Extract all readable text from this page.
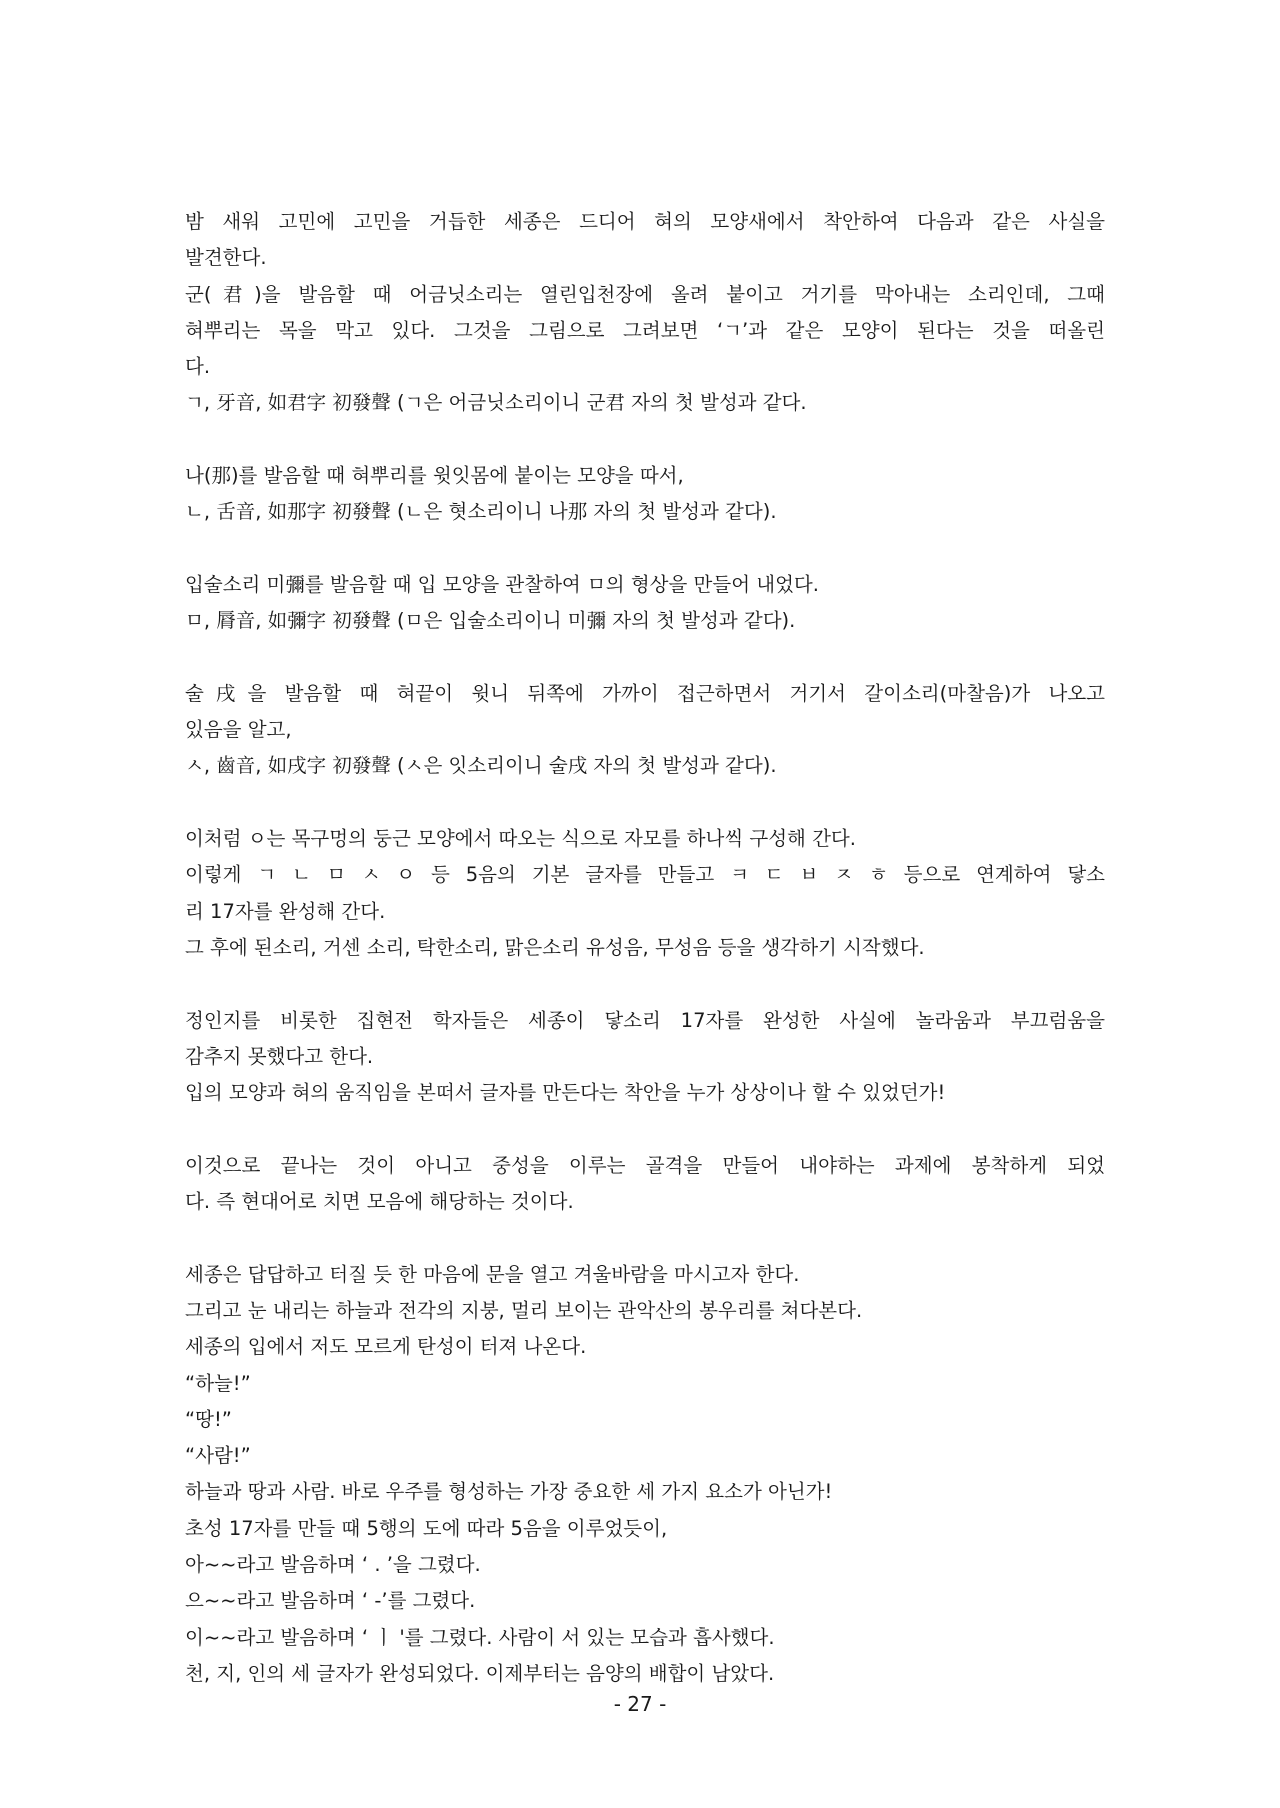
밤 새워 고민에 고민을 거듭한 세종은 드디어 혀의 모양새에서 착안하여 다음과 같은 사실을
발견한다.
군(君)을 발음할 때 어금닛소리는 열린입천장에 올려 붙이고 거기를 막아내는 소리인데, 그때
혀뿌리는 목을 막고 있다. 그것을 그림으로 그려보면 ‘ㄱ’과 같은 모양이 된다는 것을 떠올린
다.
ㄱ, 牙音, 如君字 初發聲 (ㄱ은 어금닛소리이니 군君 자의 첫 발성과 같다.
나(那)를 발음할 때 혀뿌리를 윗잇몸에 붙이는 모양을 따서,
ㄴ, 舌音, 如那字 初發聲 (ㄴ은 혓소리이니 나那 자의 첫 발성과 같다).
입술소리 미彌를 발음할 때 입 모양을 관찰하여 ㅁ의 형상을 만들어 내었다.
ㅁ, 脣音, 如彌字 初發聲 (ㅁ은 입술소리이니 미彌 자의 첫 발성과 같다).
술戌을 발음할 때 혀끝이 윗니 뒤쪽에 가까이 접근하면서 거기서 갈이소리(마찰음)가 나오고
있음을 알고,
ㅅ, 齒音, 如戌字 初發聲 (ㅅ은 잇소리이니 술戌 자의 첫 발성과 같다).
이처럼 ㅇ는 목구멍의 둥근 모양에서 따오는 식으로 자모를 하나씩 구성해 간다.
이렇게 ㄱ ㄴ ㅁ ㅅ ㅇ 등 5음의 기본 글자를 만들고 ㅋ ㄷ ㅂ ㅈ ㅎ 등으로 연계하여 닿소
리 17자를 완성해 간다.
그 후에 된소리, 거센 소리, 탁한소리, 맑은소리 유성음, 무성음 등을 생각하기 시작했다.
정인지를 비롯한 집현전 학자들은 세종이 닿소리 17자를 완성한 사실에 놀라움과 부끄럼움을
감추지 못했다고 한다.
입의 모양과 혀의 움직임을 본떠서 글자를 만든다는 착안을 누가 상상이나 할 수 있었던가!
이것으로 끝나는 것이 아니고 중성을 이루는 골격을 만들어 내야하는 과제에 봉착하게 되었
다. 즉 현대어로 치면 모음에 해당하는 것이다.
세종은 답답하고 터질 듯 한 마음에 문을 열고 겨울바람을 마시고자 한다.
그리고 눈 내리는 하늘과 전각의 지붕, 멀리 보이는 관악산의 봉우리를 쳐다본다.
세종의 입에서 저도 모르게 탄성이 터져 나온다.
“하늘!”
“땅!”
“사람!”
하늘과 땅과 사람. 바로 우주를 형성하는 가장 중요한 세 가지 요소가 아닌가!
초성 17자를 만들 때 5행의 도에 따라 5음을 이루었듯이,
아~~라고 발음하며 ‘ . ’을 그렸다.
으~~라고 발음하며 ‘ -’를 그렸다.
이~~라고 발음하며 ‘ ㅣ '를 그렸다. 사람이 서 있는 모습과 흡사했다.
천, 지, 인의 세 글자가 완성되었다. 이제부터는 음양의 배합이 남았다.
- 27 -
